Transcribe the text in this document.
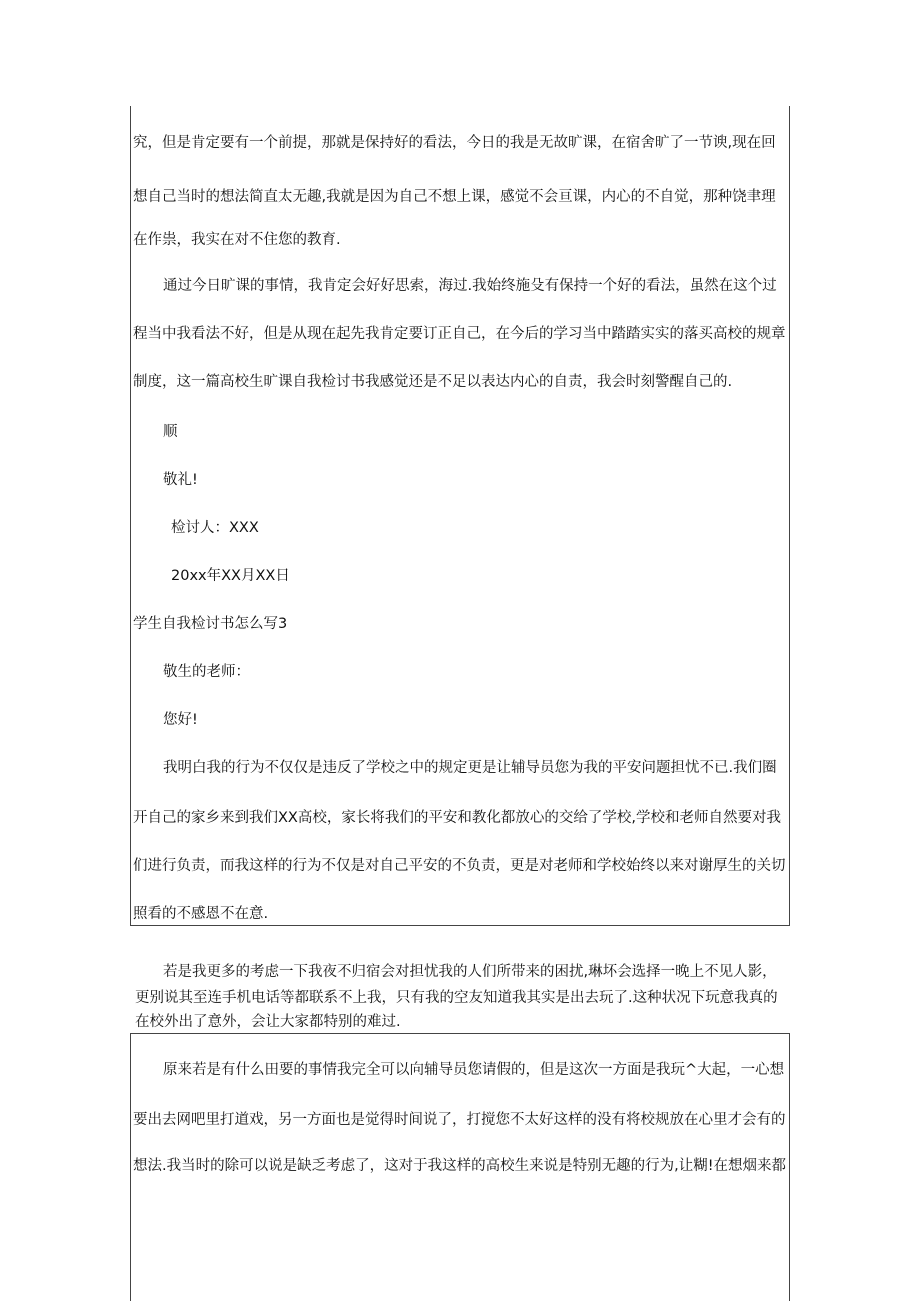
究，但是肯定要有一个前提，那就是保持好的看法，今日的我是无故旷课，在宿舍旷了一节谀,现在回
想自己当时的想法简直太无趣,我就是因为自己不想上课，感觉不会亘课，内心的不自觉，那种饶聿理
在作祟，我实在对不住您的教育.
通过今日旷课的事情，我肯定会好好思索，海过.我始终施殳有保持一个好的看法，虽然在这个过
程当中我看法不好，但是从现在起先我肯定要订正自己，在今后的学习当中踏踏实实的落买高校的规章
制度，这一篇高校生旷课自我检讨书我感觉还是不足以表达内心的自责，我会时刻警醒自己的.
顺
敬礼!
检讨人：XXX
20xx年XX月XX日
学生自我检讨书怎么写3
敬生的老师：
您好!
我明白我的行为不仅仅是违反了学校之中的规定更是让辅导员您为我的平安问题担忧不已.我们圈
开自己的家乡来到我们XX高校，家长将我们的平安和教化都放心的交给了学校,学校和老师自然要对我
们进行负责，而我这样的行为不仅是对自己平安的不负责，更是对老师和学校始终以来对谢厚生的关切
照看的不感恩不在意.
若是我更多的考虑一下我夜不归宿会对担忧我的人们所带来的困扰,琳坏会选择一晚上不见人影，
更别说其至连手机电话等都联系不上我，只有我的空友知道我其实是出去玩了.这种状况下玩意我真的
在校外出了意外，会让大家都特别的难过.
原来若是有什么田要的事情我完全可以向辅导员您请假的，但是这次一方面是我玩^大起，一心想
要出去网吧里打道戏，另一方面也是觉得时间说了，打搅您不太好这样的没有将校规放在心里才会有的
想法.我当时的除可以说是缺乏考虑了，这对于我这样的高校生来说是特别无趣的行为,让糊!在想烟来都
